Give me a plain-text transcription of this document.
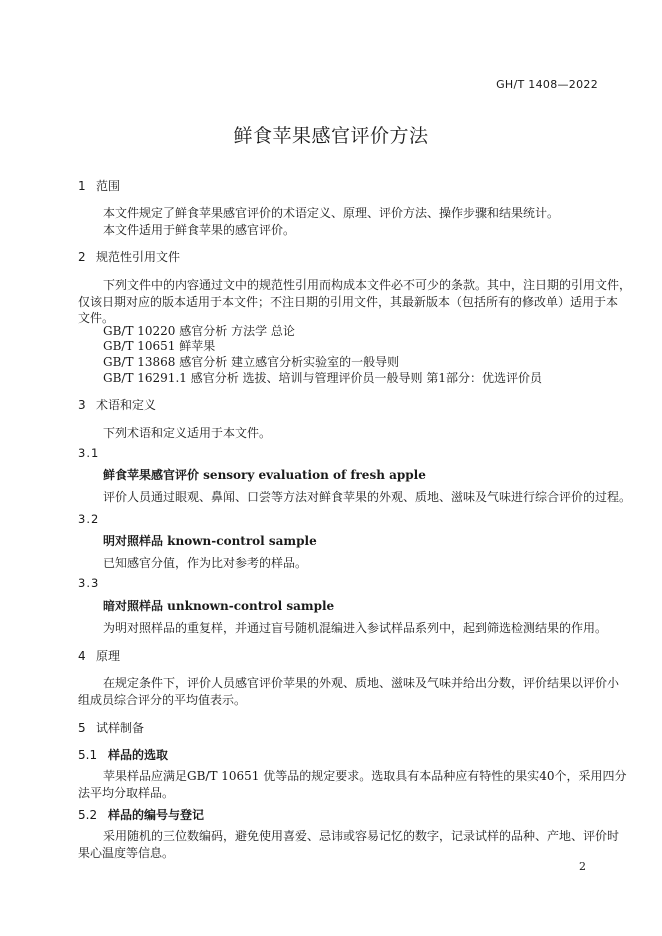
GH/T 1408—2022
鲜食苹果感官评价方法
1 范围
本文件规定了鲜食苹果感官评价的术语定义、原理、评价方法、操作步骤和结果统计。
本文件适用于鲜食苹果的感官评价。
2 规范性引用文件
下列文件中的内容通过文中的规范性引用而构成本文件必不可少的条款。其中，注日期的引用文件，
仅该日期对应的版本适用于本文件；不注日期的引用文件，其最新版本（包括所有的修改单）适用于本
文件。
GB/T 10220 感官分析 方法学 总论
GB/T 10651 鲜苹果
GB/T 13868 感官分析 建立感官分析实验室的一般导则
GB/T 16291.1 感官分析 选拔、培训与管理评价员一般导则 第1部分：优选评价员
3 术语和定义
下列术语和定义适用于本文件。
3.1
鲜食苹果感官评价 sensory evaluation of fresh apple
评价人员通过眼观、鼻闻、口尝等方法对鲜食苹果的外观、质地、滋味及气味进行综合评价的过程。
3.2
明对照样品 known-control sample
已知感官分值，作为比对参考的样品。
3.3
暗对照样品 unknown-control sample
为明对照样品的重复样，并通过盲号随机混编进入参试样品系列中，起到筛选检测结果的作用。
4 原理
在规定条件下，评价人员感官评价苹果的外观、质地、滋味及气味并给出分数，评价结果以评价小
组成员综合评分的平均值表示。
5 试样制备
5.1 样品的选取
苹果样品应满足GB/T 10651 优等品的规定要求。选取具有本品种应有特性的果实40个，采用四分
法平均分取样品。
5.2 样品的编号与登记
采用随机的三位数编码，避免使用喜爱、忌讳或容易记忆的数字，记录试样的品种、产地、评价时
果心温度等信息。
2
